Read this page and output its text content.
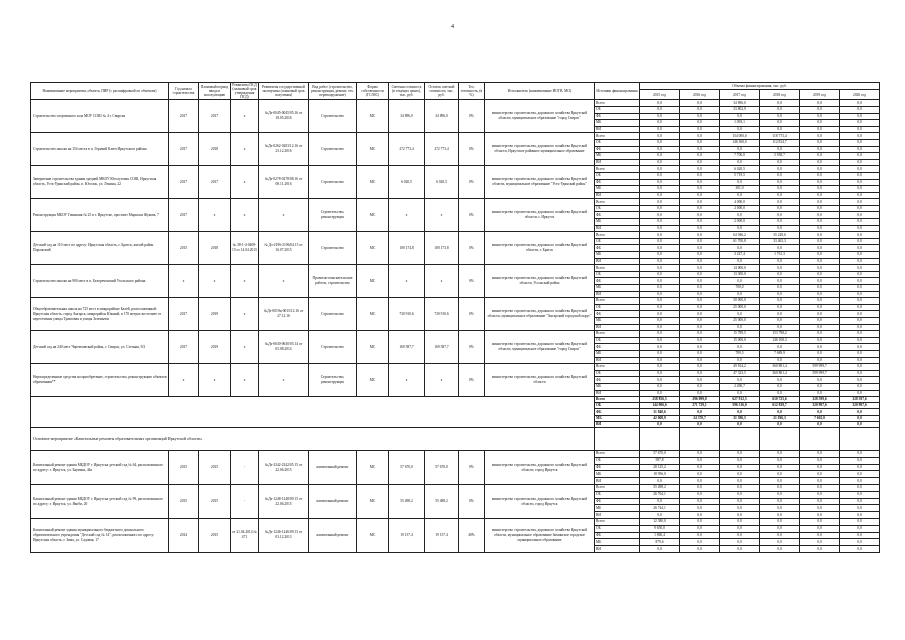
4
Наименование мероприятия, объекта, ПИР (с расшифровкой по объектам)	Год начала строительства	Плановый период ввода в эксплуатацию	Реквизиты ПСД (плановый срок утверждения ПСД)	Реквизиты государственной экспертизы (плановый срок получения)	Вид работ (строительство, реконструкция, ремонт, тех. перевооружение)	Форма собственности (ГС/МС)	Сметная стоимость (в текущих ценах), тыс. руб.	Остаток сметной стоимости, тыс. руб.	Тех. готовность, (в %)	Исполнитель (наименование ИОГВ, МО)	Источник финансирования	Объемы финансирования, тыс. руб.					
												2015 год	2016 год	2017 год	2018 год	2019 год	2020 год
Строительство спортивного зала МОУ СОШ № 4 г. Свирска	2017	2017	х	№Дз-0045-0045/05.16 от 18.05.2016	Строительство	МС	34 896,0	34 896,0	0%	министерство строительства, дорожного хозяйства Иркутской области, муниципальное образование "город Свирск"	Всего	0,0	0,0	34 896,0	0,0	0,0	0,0
											ОБ	0,0	0,0	33 802,9	0,0	0,0	0,0
											ФБ	0,0	0,0	0,0	0,0	0,0	0,0
											МБ	0,0	0,0	1 093,1	0,0	0,0	0,0
											ВИ	0,0	0,0	0,0	0,0	0,0	0,0
Строительство школы на 154 места в п. Горячий Ключ Иркутского района	2017	2018	х	№Дз-0262-0203/12.16 от 23.12.2016	Строительство	МС	272 773,4	272 773,4	0%	министерство строительства, дорожного хозяйства Иркутской области, Иркутское районное муниципальное образование	Всего	0,0	0,0	154 000,0	118 773,4	0,0	0,0
											ОБ	0,0	0,0	146 300,0	112 834,7	0,0	0,0
											ФБ	0,0	0,0	0,0	0,0	0,0	0,0
											МБ	0,0	0,0	7 700,0	5 938,7	0,0	0,0
											ВИ	0,0	0,0	0,0	0,0	0,0	0,0
Завершение строительства здания средней МКОУ Юголуговая СОШ, Иркутская область, Усть-Удинский район, п. Юголок, ул. Ленина, 22	2017	2017	х	№Дз-0278-0278/08.16 от 08.11.2016	Строительство	МС	6 020,5	6 020,5	0%	министерство строительства, дорожного хозяйства Иркутской области, муниципальное образование "Усть-Удинский район"	Всего	0,0	0,0	6 020,5	0,0	0,0	0,0
											ОБ	0,0	0,0	5 719,5	0,0	0,0	0,0
											ФБ	0,0	0,0	0,0	0,0	0,0	0,0
											МБ	0,0	0,0	301,0	0,0	0,0	0,0
											ВИ	0,0	0,0	0,0	0,0	0,0	0,0
Реконструкция МБОУ Гимназия № 25 в г. Иркутске, проспект Маршала Жукова, 7	2017	х	х	х	Строительство, реконструкция	МС	х	х	0%	министерство строительства, дорожного хозяйства Иркутской области, г. Иркутск	Всего	0,0	0,0	4 000,0	0,0	0,0	0,0
											ОБ	0,0	0,0	2 000,0	0,0	0,0	0,0
											ФБ	0,0	0,0	0,0	0,0	0,0	0,0
											МБ	0,0	0,0	2 000,0	0,0	0,0	0,0
											ВИ	0,0	0,0	0,0	0,0	0,0	0,0
Детский сад на 110 мест по адресу: Иркутская область, г. Братск, жилой район Порожский	2015	2018	№ 38-1-4-0409-15 от 14.04.2015	№ Дз-2196-2196/04.15 от 16.07.2015	Строительство	МС	100 174,8	100 173,8	0%	министерство строительства, дорожного хозяйства Иркутской области, г. Братск	Всего	0,0	0,0	64 946,2	35 228,6	0,0	0,0
											ОБ	0,0	0,0	61 700,8	33 463,3	0,0	0,0
											ФБ	0,0	0,0	0,0	0,0	0,0	0,0
											МБ	0,0	0,0	3 247,4	1 761,3	0,0	0,0
											ВИ	0,0	0,0	0,0	0,0	0,0	0,0
Строительство школы на 900 мест в п. Белореченский Усольского района	х	х	х	х	Проектно-изыскательские работы, строительство	МС	х	х	0%	министерство строительства, дорожного хозяйства Иркутской области, Усольский район	Всего	0,0	0,0	14 000,0	0,0	0,0	0,0
											ОБ	0,0	0,0	13 300,0	0,0	0,0	0,0
											ФБ	0,0	0,0	0,0	0,0	0,0	0,0
											МБ	0,0	0,0	700,0	0,0	0,0	0,0
											ВИ	0,0	0,0	0,0	0,0	0,0	0,0
Общеобразовательная школа на 725 мест в микрорайоне Балей, расположенный: Иркутская область, город Ангарск, микрорайон Южный, в 170 метрах восточнее от пересечения улицы Трактовая и улицы Зеленьеви	2017	2019	х	№Дз-0019н-0015/12.16 от 27.12.16	Строительство	МС	730 910,6	730 910,6	0%	министерство строительства, дорожного хозяйства Иркутской области, муниципальное образование "Ангарский городской округ"	Всего	0,0	0,0	50 000,0	0,0	0,0	0,0
											ОБ	0,0	0,0	25 000,0	0,0	0,0	0,0
											ФБ	0,0	0,0	0,0	0,0	0,0	0,0
											МБ	0,0	0,0	25 000,0	0,0	0,0	0,0
											ВИ	0,0	0,0	0,0	0,0	0,0	0,0
Детский сад на 240 мест Черемховский район, г. Свирск, ул. Степная, 9/2	2017	2019	х	№Дз-0630-0630/05.14 от 05.08.2014	Строительство	МС	169 587,7	169 587,7	0%	министерство строительства, дорожного хозяйства Иркутской области, муниципальное образование "город Свирск"	Всего	0,0	0,0	15 789,5	153 798,2	0,0	0,0
											ОБ	0,0	0,0	15 000,0	146 108,3	0,0	0,0
											ФБ	0,0	0,0	0,0	0,0	0,0	0,0
											МБ	0,0	0,0	789,5	7 689,9	0,0	0,0
											ВИ	0,0	0,0	0,0	0,0	0,0	0,0
Нераспределенные средства на приобретение, строительство, реконструкцию объектов образования**	х	х	х	х	Строительство, реконструкция	МС	х	х	0%	министерство строительства, дорожного хозяйства Иркутской области	Всего	0,0	0,0	49 814,2	360 881,4	599 999,7	0,0
											ОБ	0,0	0,0	47 323,5	360 881,4	599 999,7	0,0
											ФБ	0,0	0,0	0,0	0,0	0,0	0,0
											МБ	0,0	0,0	2 490,7	0,0	0,0	0,0
											ВИ	0,0	0,0	0,0	0,0	0,0	0,0
											Всего	258 856,5	296 099,8	627 912,5	610 725,6	328 599,6	328 597,6
											ОБ	144 906,6	271 729,1	596 516,0	612 839,7	320 997,6	320 997,6
											ФБ	31 840,6	0,0	0,0	0,0	0,0	0,0
											МБ	42 068,9	24 370,7	31 396,5	21 036,3	7 602,0	0,0
											ВИ	0,0	0,0	0,0	0,0	0,0	0,0
Основное мероприятие «Капитальные ремонты образовательных организаций Иркутской области»																	
Капитальный ремонт здания МБДОУ г. Иркутска детский сад № 64, расположенного по адресу: г. Иркутск, ул. Баумана, 44а	2015	2015	-	№Дз-2342-2342/05.15 от 22.06.2015	капитальный ремонт	МС	57 670,0	57 670,0	0%	министерство строительства, дорожного хозяйства Иркутской области, город Иркутск	Всего	57 670,0	0,0	0,0	0,0	0,0	0,0
											ОБ	587,8	0,0	0,0	0,0	0,0	0,0
											ФБ	28 125,2	0,0	0,0	0,0	0,0	0,0
											МБ	18 956,0	0,0	0,0	0,0	0,0	0,0
											ВИ	0,0	0,0	0,0	0,0	0,0	0,0
Капитальный ремонт здания МБДОУ г. Иркутска детский сад № 99, расположенного по адресу: г. Иркутск, ул. Якоби, 20	2015	2015	-	№Дз-1248-1248/09.15 от 22.06.2015	капитальный ремонт	МС	55 498,2	55 488,2	0%	министерство строительства, дорожного хозяйства Иркутской области, город Иркутск	Всего	55 498,2	0,0	0,0	0,0	0,0	0,0
											ОБ	26 764,1	0,0	0,0	0,0	0,0	0,0
											ФБ	0,0	0,0	0,0	0,0	0,0	0,0
											МБ	26 744,1	0,0	0,0	0,0	0,0	0,0
											ВИ	0,0	0,0	0,0	0,0	0,0	0,0
Капитальный ремонт здания муниципального бюджетного дошкольного образовательного учреждения "Детский сад № 14", расположенного по адресу: Иркутская область, г. Зима, ул. Садовая, 17	2014	2015	от 21.04.2014 № 471	№Дз-1246-1246/09.13 от 03.12.2013	капитальный ремонт	МС	19 157,4	19 157,4	40%	министерство строительства, дорожного хозяйства Иркутской области, муниципальное образование Зиминское городское муниципальное образование	Всего	12 380,0	0,0	0,0	0,0	0,0	0,0
											ОБ	9 650,0	0,0	0,0	0,0	0,0	0,0
											ФБ	1 860,4	0,0	0,0	0,0	0,0	0,0
											МБ	879,6	0,0	0,0	0,0	0,0	0,0
											ВИ	0,0	0,0	0,0	0,0	0,0	0,0
